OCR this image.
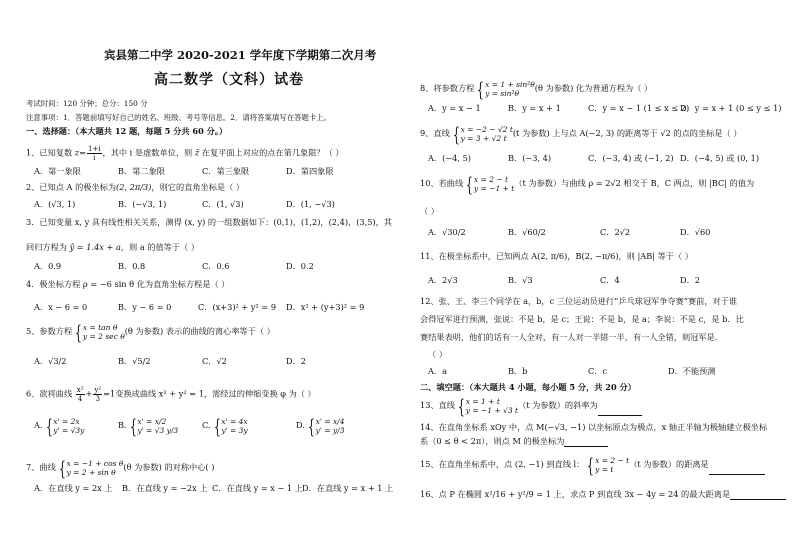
宾县第二中学 2020-2021 学年度下学期第二次月考
高二数学（文科）试卷
考试时间：120 分钟；总分：150 分
注意事项：1．答题前填写好自己的姓名、班级、考号等信息。2．请将答案填写在答题卡上。
一、选择题：（本大题共 12 题，每题 5 分共 60 分。）
1、已知复数 $z= \frac{1+i}{i}$ ，其中 i 是虚数单位，则 z̄ 在复平面上对应的点在第几象限？（ ）
A．第一象限	B．第二象限	C．第三象限	D．第四象限
2、已知点 A 的极坐标为(2, 2π/3)，则它的直角坐标是（ ）
A．(√3, 1)	B．(−√3, 1)	C．(1, √3)	D．(1, −√3)
3．已知变量 x, y 具有线性相关关系，测得 (x, y) 的一组数据如下：(0,1)，(1,2)，(2,4)，(3,5)，其
回归方程为 ŷ = 1.4x + a，则 a 的值等于（ ）
A．0.9	B．0.8	C．0.6	D．0.2
4．极坐标方程 ρ = −6 sin θ 化为直角坐标方程是（ ）
A．x − 6 = 0	B．y − 6 = 0	C．(x+3)² + y² = 9 D．x² + (y+3)² = 9
5、参数方程 {x = tan θ
y = 2 sec θ(θ 为参数) 表示的曲线的离心率等于（ ）
A．√3/2	B．√5/2	C．√2	D．2
6、欲将曲线 $\frac{\text{x²}}{4} + \frac{\text{y²}}{3} =1$变换成曲线 x² + y² = 1，需经过的伸缩变换 φ 为（ ）
A. {x' = 2x
y' = √3y
B. {x' = x/2
y' = √3 y/3
C. {x' = 4x
y' = 3y
D. {x' = x/4
y' = y/3
7、曲线 {x = −1 + cos θ
y = 2 + sin θ(θ 为参数) 的对称中心( )
A．在直线 y = 2x 上 B．在直线 y = −2x 上 C．在直线 y = x − 1 上 D．在直线 y = x + 1 上
8、将参数方程 {x = 1 + sin²θ
y = sin²θ(θ 为参数) 化为普通方程为（ ）
A．y = x − 1	B．y = x + 1	C．y = x − 1 (1 ≤ x ≤ 2)
D．y = x + 1 (0 ≤ y ≤ 1)
9、直线 {x = −2 − √2 t
y = 3 + √2 t(t 为参数) 上与点 A(−2, 3) 的距离等于 √2 的点的坐标是（ ）
A．(−4, 5)	B．(−3, 4)	C．(−3, 4) 或 (−1, 2) D．(−4, 5) 或 (0, 1)
10、若曲线 {x = 2 − t
y = −1 + t（t 为参数）与曲线 ρ = 2√2 相交于 B，C 两点，则 |BC| 的值为
（ ）
A．√30/2	B．√60/2	C．2√2	D．√60
11、在极坐标系中，已知两点 A(2, π/6)，B(2, −π/6)，则 |AB| 等于（ ）
A．2√3	B．√3	C．4	D．2
12、张、王、李三个同学在 a，b，c 三位运动员进行“乒乓球冠军争夺赛”赛前，对于谁
会得冠军进行预测，张说：不是 b，是 c；王说：不是 b，是 a；李说：不是 c，是 b．比
赛结果表明，他们的话有一人全对，有一人对一半错一半，有一人全错，则冠军是．
（ ）
A．a	B．b	C．c	D．不能预测
二、填空题：（本大题共 4 小题，每小题 5 分，共 20 分）
13、直线 {x = 1 + t
y = −1 + √3 t（t 为参数）的斜率为
14、在直角坐标系 xOy 中，点 M(−√3, −1) 以坐标原点为极点，x 轴正半轴为极轴建立极坐标
系（0 ≤ θ < 2π），则点 M 的极坐标为
15、在直角坐标系中，点 (2, −1) 到直线 l： {x = 2 − t
y = t（t 为参数）的距离是
16、点 P 在椭圆 x²/16 + y²/9 = 1 上，求点 P 到直线 3x − 4y = 24 的最大距离是
